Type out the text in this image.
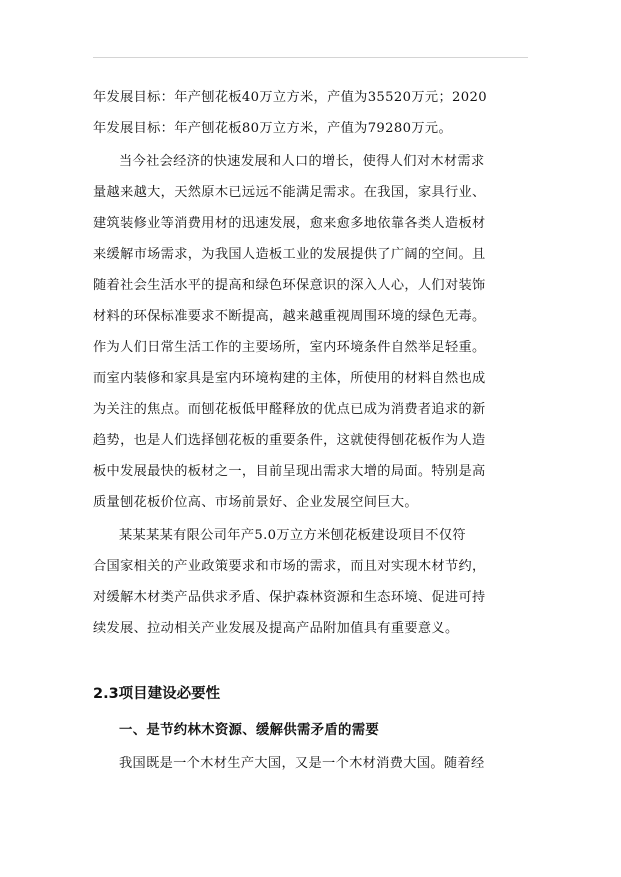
年发展目标：年产刨花板40万立方米，产值为35520万元；2020
年发展目标：年产刨花板80万立方米，产值为79280万元。
当今社会经济的快速发展和人口的增长，使得人们对木材需求
量越来越大，天然原木已远远不能满足需求。在我国，家具行业、
建筑装修业等消费用材的迅速发展，愈来愈多地依靠各类人造板材
来缓解市场需求，为我国人造板工业的发展提供了广阔的空间。且
随着社会生活水平的提高和绿色环保意识的深入人心，人们对装饰
材料的环保标准要求不断提高，越来越重视周围环境的绿色无毒。
作为人们日常生活工作的主要场所，室内环境条件自然举足轻重。
而室内装修和家具是室内环境构建的主体，所使用的材料自然也成
为关注的焦点。而刨花板低甲醛释放的优点已成为消费者追求的新
趋势，也是人们选择刨花板的重要条件，这就使得刨花板作为人造
板中发展最快的板材之一，目前呈现出需求大增的局面。特别是高
质量刨花板价位高、市场前景好、企业发展空间巨大。
某某某某有限公司年产5.0万立方米刨花板建设项目不仅符
合国家相关的产业政策要求和市场的需求，而且对实现木材节约，
对缓解木材类产品供求矛盾、保护森林资源和生态环境、促进可持
续发展、拉动相关产业发展及提高产品附加值具有重要意义。
2.3项目建设必要性
一、是节约林木资源、缓解供需矛盾的需要
我国既是一个木材生产大国，又是一个木材消费大国。随着经
